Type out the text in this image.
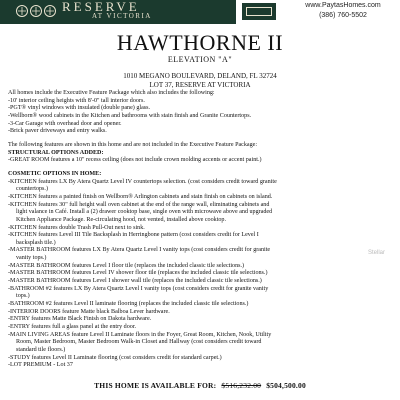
RESERVE
AT VICTORIA
www.PaytasHomes.com
(386) 760-5502
HAWTHORNE II
ELEVATION "A"
1010 MEGANO BOULEVARD, DELAND, FL 32724
LOT 37, RESERVE AT VICTORIA
All homes include the Executive Feature Package which also includes the following:
-10' interior ceiling heights with 8'-0" tall interior doors.
-PGT® vinyl windows with insulated (double pane) glass.
-Wellborn® wood cabinets in the Kitchen and bathrooms with stain finish and Granite Countertops.
-3-Car Garage with overhead door and opener.
-Brick paver driveways and entry walks.
The following features are shown in this home and are not included in the Executive Feature Package:
STRUCTURAL OPTIONS ADDED:
-GREAT ROOM features a 10" recess ceiling (does not include crown molding accents or accent paint.)
COSMETIC OPTIONS IN HOME:
-KITCHEN features LX By Atera Quartz Level IV countertops selection. (cost considers credit toward granite
countertops.)
-KITCHEN features a painted finish on Wellborn® Arlington cabinets and stain finish on cabinets on island.
-KITCHEN features 30" full height wall oven cabinet at the end of the range wall, eliminating cabinets and
light valance in Café. Install a (2) drawer cooktop base, single oven with microwave above and upgraded
Kitchen Appliance Package. Re-circulating hood, not vented, installed above cooktop.
-KITCHEN features double Trash Pull-Out next to sink.
-KITCHEN features Level III Tile Backsplash in Herringbone pattern (cost considers credit for Level I
backsplash tile.)
-MASTER BATHROOM features LX By Atera Quartz Level I vanity tops (cost considers credit for granite
vanity tops.)
-MASTER BATHROOM features Level I floor tile (replaces the included classic tile selections.)
-MASTER BATHROOM features Level IV shower floor tile (replaces the included classic tile selections.)
-MASTER BATHROOM features Level I shower wall tile (replaces the included classic tile selections.)
-BATHROOM #2 features LX By Atera Quartz Level I vanity tops (cost considers credit for granite vanity
tops.)
-BATHROOM #2 features Level II laminate flooring (replaces the included classic tile selections.)
-INTERIOR DOORS feature Matte black Balboa Lever hardware.
-ENTRY features Matte Black Finish on Dakota hardware.
-ENTRY features full a glass panel at the entry door.
-MAIN LIVING AREAS feature Level II Laminate floors in the Foyer, Great Room, Kitchen, Nook, Utility
Room, Master Bedroom, Master Bedroom Walk-in Closet and Hallway (cost considers credit toward
standard tile floors.)
-STUDY features Level II Laminate flooring (cost considers credit for standard carpet.)
-LOT PREMIUM - Lot 37
THIS HOME IS AVAILABLE FOR: $516,232.00 $504,500.00
Stellar
